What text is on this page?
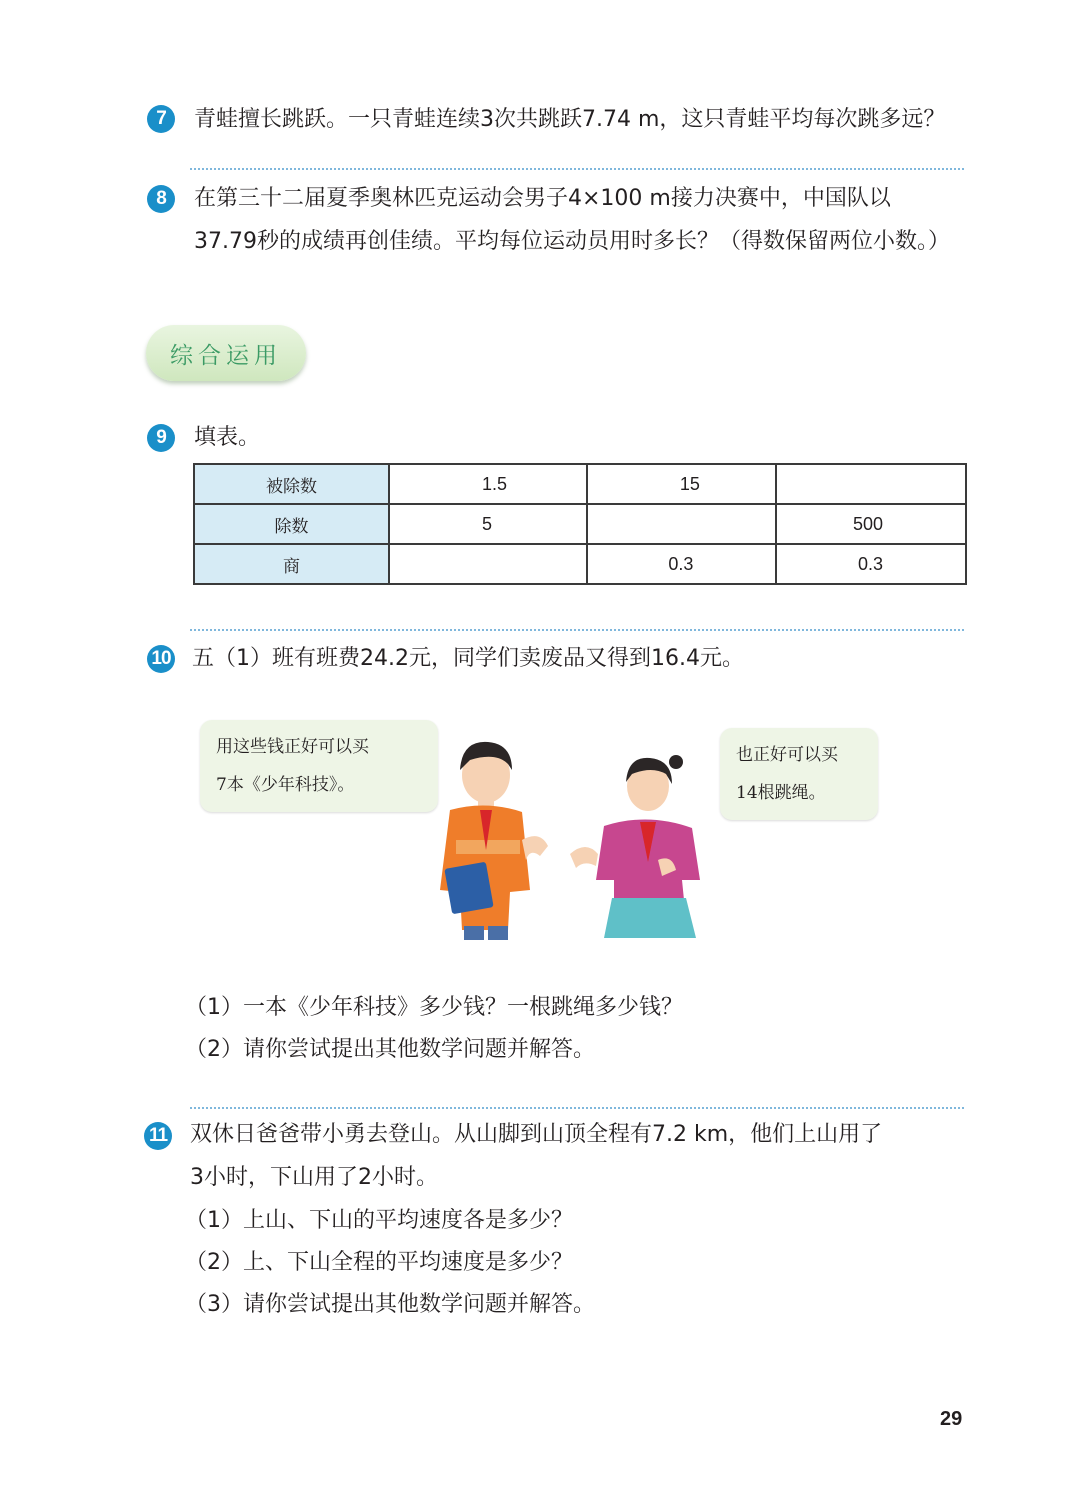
7	青蛙擅长跳跃。一只青蛙连续3次共跳跃7.74 m，这只青蛙平均每次跳多远？
8	在第三十二届夏季奥林匹克运动会男子4×100 m接力决赛中，中国队以
37.79秒的成绩再创佳绩。平均每位运动员用时多长？（得数保留两位小数。）
综合运用
9	填表。
被除数	1.5	15	

除数	5		500

商		0.3	0.3
10 五（1）班有班费24.2元，同学们卖废品又得到16.4元。
用这些钱正好可以买
7本《少年科技》。
也正好可以买
14根跳绳。
（1）一本《少年科技》多少钱？一根跳绳多少钱？
（2）请你尝试提出其他数学问题并解答。
11 双休日爸爸带小勇去登山。从山脚到山顶全程有7.2 km，他们上山用了
3小时，下山用了2小时。
（1）上山、下山的平均速度各是多少？
（2）上、下山全程的平均速度是多少？
（3）请你尝试提出其他数学问题并解答。
29
